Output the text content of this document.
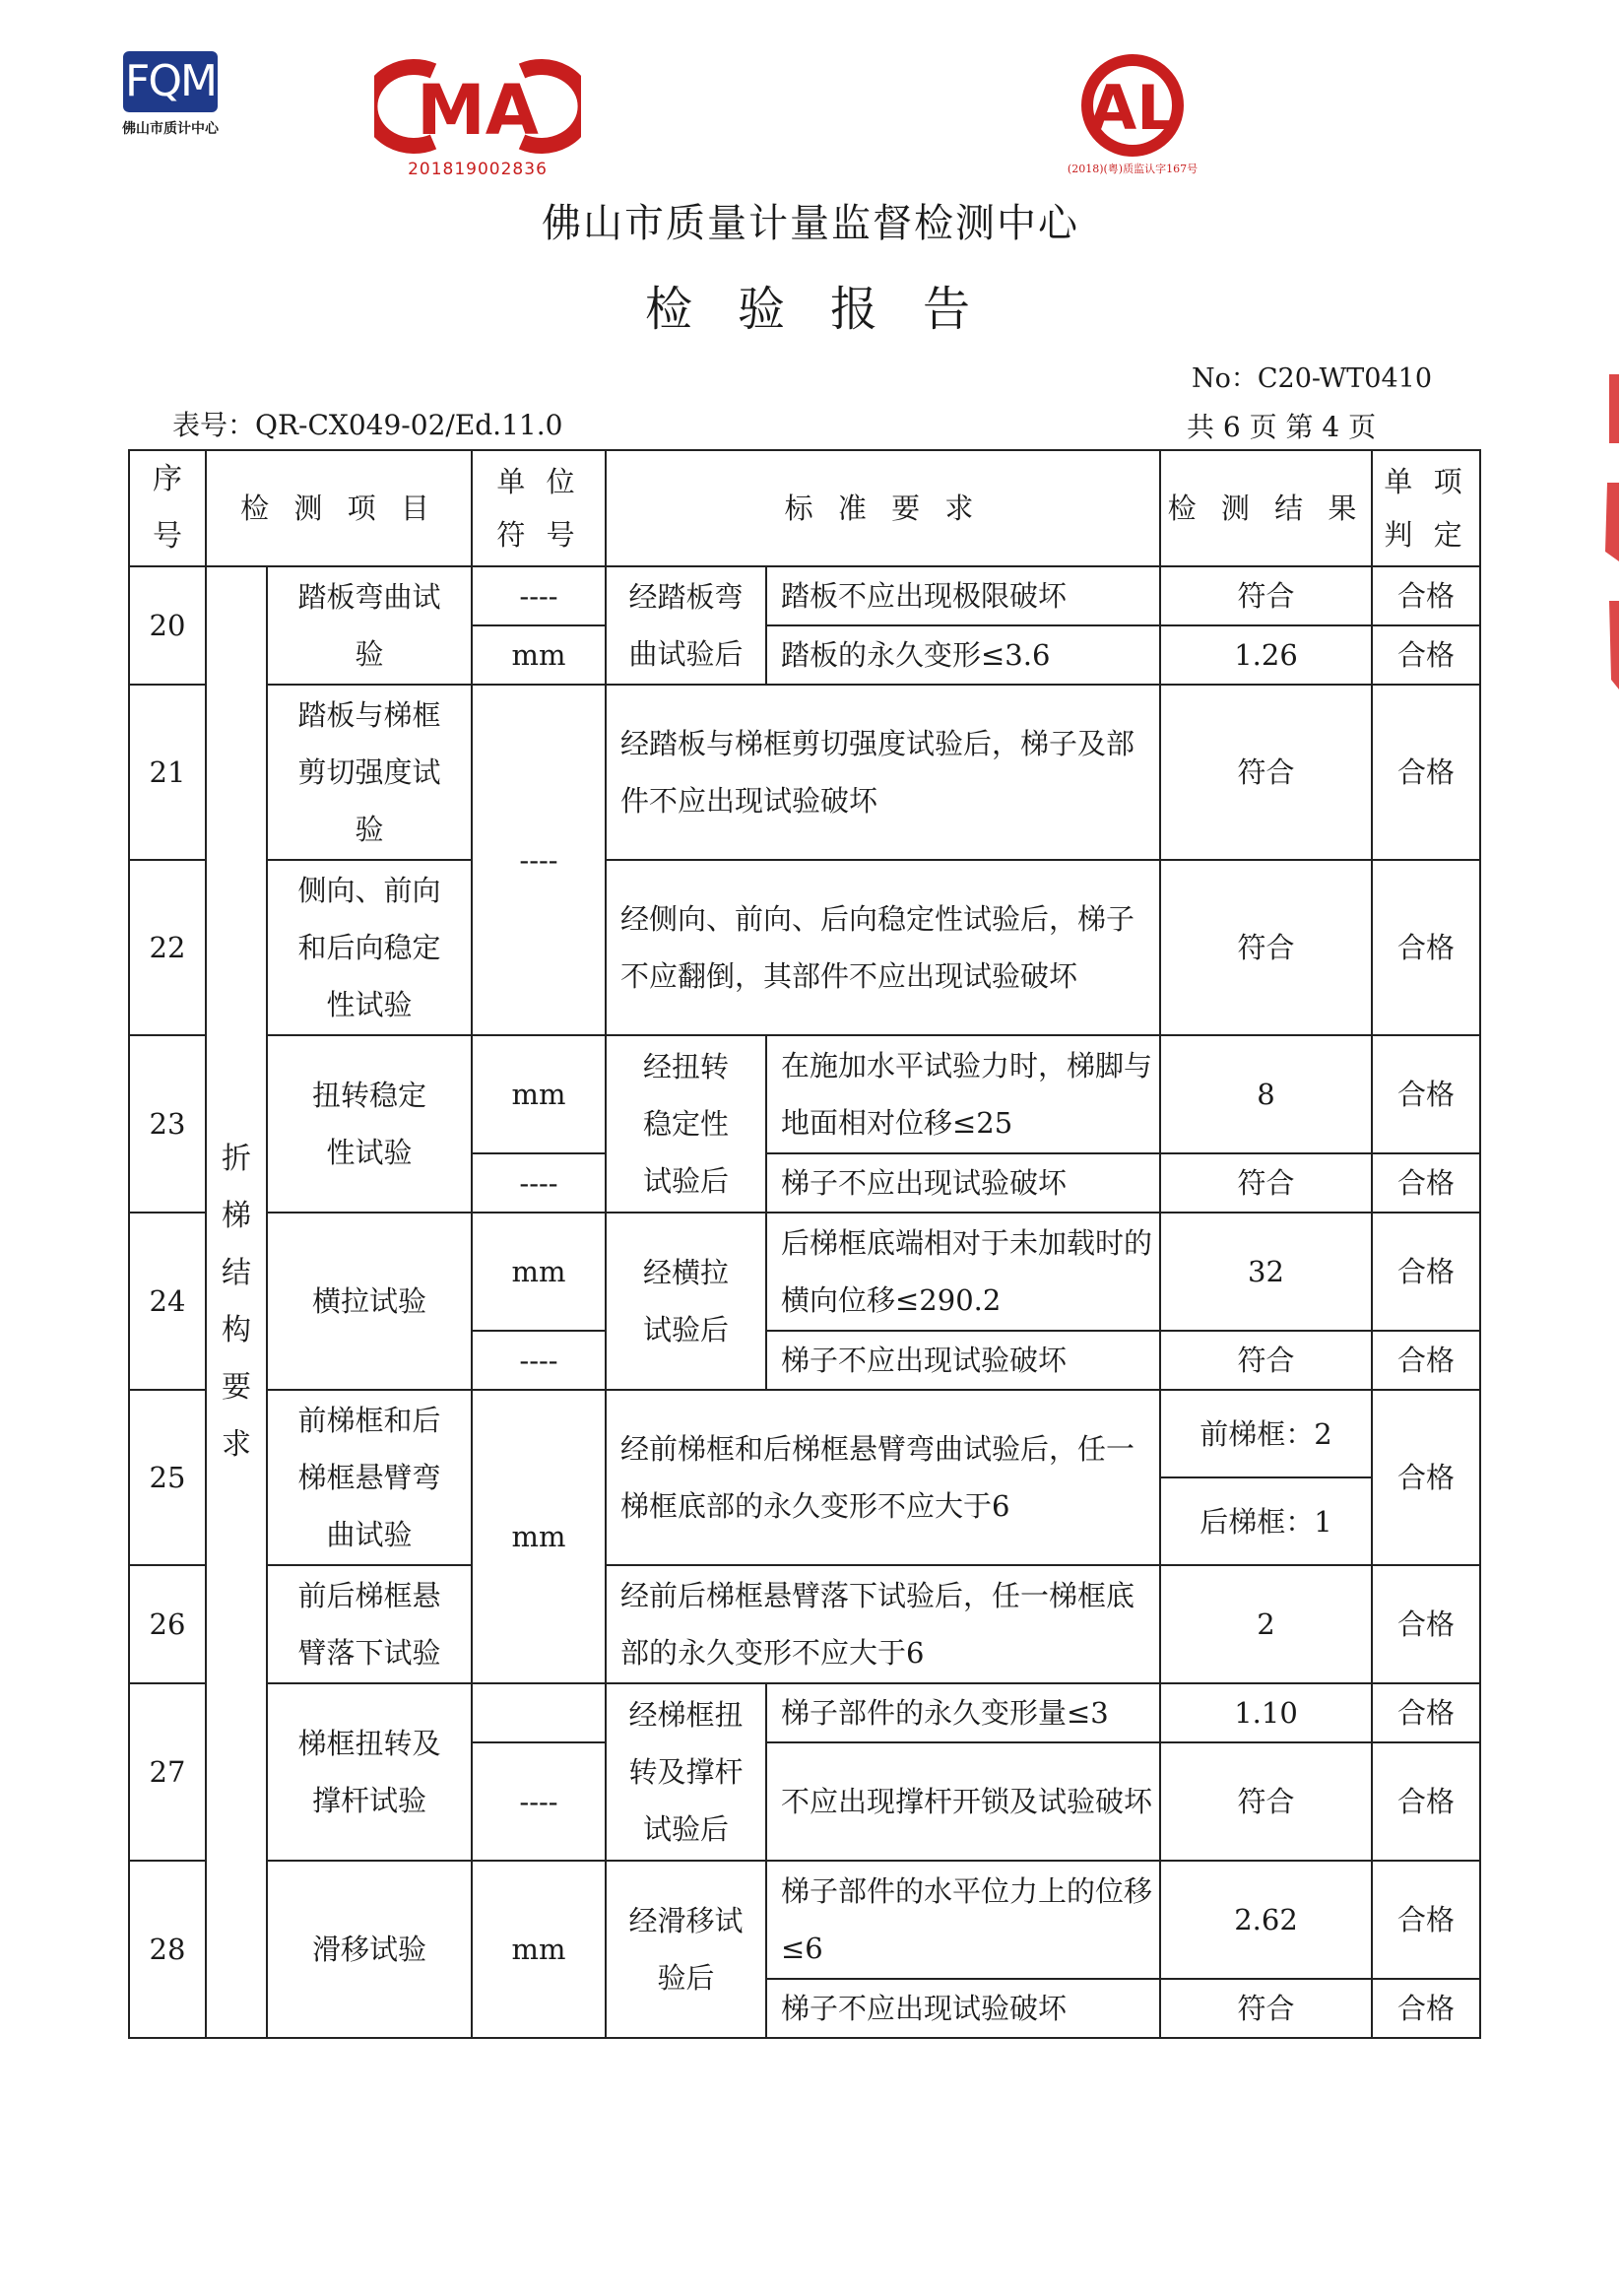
FQM
佛山市质计中心	MA
201819002836
AL
(2018)(粤)质监认字167号
佛山市质量计量监督检测中心
检验报告
No：C20-WT0410
表号：QR-CX049-02/Ed.11.0	共 6 页 第 4 页
序号	检 测 项 目		单 位 符 号	标 准 要 求		检 测 结 果	单 项 判 定
20	折梯结构要求	踏板弯曲试验	----	经踏板弯曲试验后	踏板不应出现极限破坏	符合	合格
			mm		踏板的永久变形≤3.6	1.26	合格
21		踏板与梯框剪切强度试验	----	经踏板与梯框剪切强度试验后，梯子及部件不应出现试验破坏		符合	合格
22		侧向、前向和后向稳定性试验		经侧向、前向、后向稳定性试验后，梯子不应翻倒，其部件不应出现试验破坏		符合	合格
23		扭转稳定性试验	mm	经扭转稳定性试验后	在施加水平试验力时，梯脚与地面相对位移≤25	8	合格
			----		梯子不应出现试验破坏	符合	合格
24		横拉试验	mm	经横拉试验后	后梯框底端相对于未加载时的横向位移≤290.2	32	合格
			----		梯子不应出现试验破坏	符合	合格
25		前梯框和后梯框悬臂弯曲试验	mm	经前梯框和后梯框悬臂弯曲试验后，任一梯框底部的永久变形不应大于6		前梯框：2	合格
						后梯框：1	
26		前后梯框悬臂落下试验		经前后梯框悬臂落下试验后，任一梯框底部的永久变形不应大于6		2	合格
27		梯框扭转及撑杆试验		经梯框扭转及撑杆试验后	梯子部件的永久变形量≤3	1.10	合格
			----		不应出现撑杆开锁及试验破坏	符合	合格
28		滑移试验	mm	经滑移试验后	梯子部件的水平位力上的位移≤6	2.62	合格
					梯子不应出现试验破坏	符合	合格
